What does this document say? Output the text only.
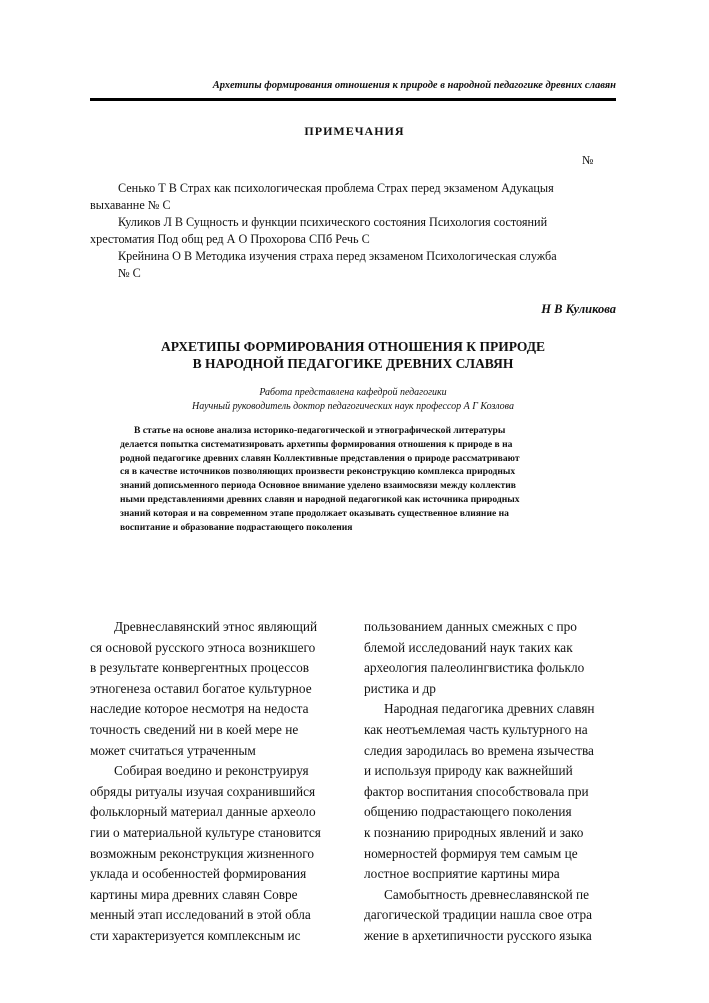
Архетипы формирования отношения к природе в народной педагогике древних славян
ПРИМЕЧАНИЯ
№
Сенько Т В Страх как психологическая проблема Страх перед экзаменом Адукацыя
выхаванне № С
Куликов Л В Сущность и функции психического состояния Психология состояний
хрестоматия Под общ ред А О Прохорова СПб Речь С
Крейнина О В Методика изучения страха перед экзаменом Психологическая служба
№ С
Н В Куликова
АРХЕТИПЫ ФОРМИРОВАНИЯ ОТНОШЕНИЯ К ПРИРОДЕ
В НАРОДНОЙ ПЕДАГОГИКЕ ДРЕВНИХ СЛАВЯН
Работа представлена кафедрой педагогики
Научный руководитель доктор педагогических наук профессор А Г Козлова
В статье на основе анализа историко-педагогической и этнографической литературы
делается попытка систематизировать архетипы формирования отношения к природе в на
родной педагогике древних славян Коллективные представления о природе рассматривают
ся в качестве источников позволяющих произвести реконструкцию комплекса природных
знаний дописьменного периода Основное внимание уделено взаимосвязи между коллектив
ными представлениями древних славян и народной педагогикой как источника природных
знаний которая и на современном этапе продолжает оказывать существенное влияние на
воспитание и образование подрастающего поколения
Древнеславянский этнос являющий
ся основой русского этноса возникшего
в результате конвергентных процессов
этногенеза оставил богатое культурное
наследие которое несмотря на недоста
точность сведений ни в коей мере не
может считаться утраченным
Собирая воедино и реконструируя
обряды ритуалы изучая сохранившийся
фольклорный материал данные археоло
гии о материальной культуре становится
возможным реконструкция жизненного
уклада и особенностей формирования
картины мира древних славян Совре
менный этап исследований в этой обла
сти характеризуется комплексным ис
пользованием данных смежных с про
блемой исследований наук таких как
археология палеолингвистика фолькло
ристика и др
Народная педагогика древних славян
как неотъемлемая часть культурного на
следия зародилась во времена язычества
и используя природу как важнейший
фактор воспитания способствовала при
общению подрастающего поколения
к познанию природных явлений и зако
номерностей формируя тем самым це
лостное восприятие картины мира
Самобытность древнеславянской пе
дагогической традиции нашла свое отра
жение в архетипичности русского языка
